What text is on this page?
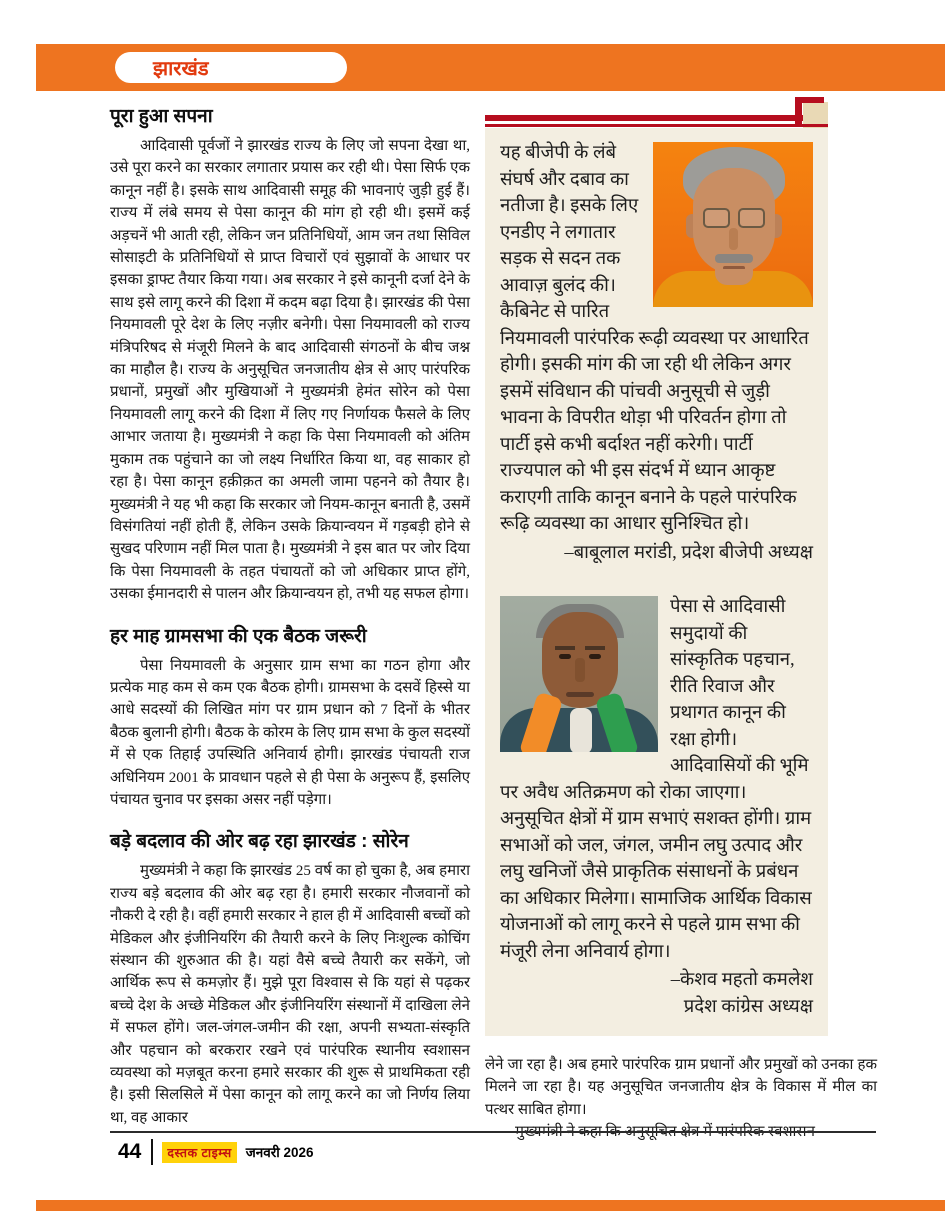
झारखंड
पूरा हुआ सपना

आदिवासी पूर्वजों ने झारखंड राज्य के लिए जो सपना देखा था, उसे पूरा करने का सरकार लगातार प्रयास कर रही थी। पेसा सिर्फ एक कानून नहीं है। इसके साथ आदिवासी समूह की भावनाएं जुड़ी हुई हैं। राज्य में लंबे समय से पेसा कानून की मांग हो रही थी। इसमें कई अड़चनें भी आती रही, लेकिन जन प्रतिनिधियों, आम जन तथा सिविल सोसाइटी के प्रतिनिधियों से प्राप्त विचारों एवं सुझावों के आधार पर इसका ड्राफ्ट तैयार किया गया। अब सरकार ने इसे कानूनी दर्जा देने के साथ इसे लागू करने की दिशा में कदम बढ़ा दिया है। झारखंड की पेसा नियमावली पूरे देश के लिए नज़ीर बनेगी। पेसा नियमावली को राज्य मंत्रिपरिषद से मंजूरी मिलने के बाद आदिवासी संगठनों के बीच जश्न का माहौल है। राज्य के अनुसूचित जनजातीय क्षेत्र से आए पारंपरिक प्रधानों, प्रमुखों और मुखियाओं ने मुख्यमंत्री हेमंत सोरेन को पेसा नियमावली लागू करने की दिशा में लिए गए निर्णायक फैसले के लिए आभार जताया है। मुख्यमंत्री ने कहा कि पेसा नियमावली को अंतिम मुकाम तक पहुंचाने का जो लक्ष्य निर्धारित किया था, वह साकार हो रहा है। पेसा कानून हक़ीक़त का अमली जामा पहनने को तैयार है। मुख्यमंत्री ने यह भी कहा कि सरकार जो नियम-कानून बनाती है, उसमें विसंगतियां नहीं होती हैं, लेकिन उसके क्रियान्वयन में गड़बड़ी होने से सुखद परिणाम नहीं मिल पाता है। मुख्यमंत्री ने इस बात पर जोर दिया कि पेसा नियमावली के तहत पंचायतों को जो अधिकार प्राप्त होंगे, उसका ईमानदारी से पालन और क्रियान्वयन हो, तभी यह सफल होगा।

हर माह ग्रामसभा की एक बैठक जरूरी

पेसा नियमावली के अनुसार ग्राम सभा का गठन होगा और प्रत्येक माह कम से कम एक बैठक होगी। ग्रामसभा के दसवें हिस्से या आधे सदस्यों की लिखित मांग पर ग्राम प्रधान को 7 दिनों के भीतर बैठक बुलानी होगी। बैठक के कोरम के लिए ग्राम सभा के कुल सदस्यों में से एक तिहाई उपस्थिति अनिवार्य होगी। झारखंड पंचायती राज अधिनियम 2001 के प्रावधान पहले से ही पेसा के अनुरूप हैं, इसलिए पंचायत चुनाव पर इसका असर नहीं पड़ेगा।

बड़े बदलाव की ओर बढ़ रहा झारखंड : सोरेन

मुख्यमंत्री ने कहा कि झारखंड 25 वर्ष का हो चुका है, अब हमारा राज्य बड़े बदलाव की ओर बढ़ रहा है। हमारी सरकार नौजवानों को नौकरी दे रही है। वहीं हमारी सरकार ने हाल ही में आदिवासी बच्चों को मेडिकल और इंजीनियरिंग की तैयारी करने के लिए निःशुल्क कोचिंग संस्थान की शुरुआत की है। यहां वैसे बच्चे तैयारी कर सकेंगे, जो आर्थिक रूप से कमज़ोर हैं। मुझे पूरा विश्वास से कि यहां से पढ़कर बच्चे देश के अच्छे मेडिकल और इंजीनियरिंग संस्थानों में दाखिला लेने में सफल होंगे। जल-जंगल-जमीन की रक्षा, अपनी सभ्यता-संस्कृति और पहचान को बरकरार रखने एवं पारंपरिक स्थानीय स्वशासन व्यवस्था को मज़बूत करना हमारे सरकार की शुरू से प्राथमिकता रही है। इसी सिलसिले में पेसा कानून को लागू करने का जो निर्णय लिया था, वह आकार

यह बीजेपी के लंबे संघर्ष और दबाव का नतीजा है। इसके लिए एनडीए ने लगातार सड़क से सदन तक आवाज़ बुलंद की। कैबिनेट से पारित नियमावली पारंपरिक रूढ़ी व्यवस्था पर आधारित होगी। इसकी मांग की जा रही थी लेकिन अगर इसमें संविधान की पांचवी अनुसूची से जुड़ी भावना के विपरीत थोड़ा भी परिवर्तन होगा तो पार्टी इसे कभी बर्दाश्त नहीं करेगी। पार्टी राज्यपाल को भी इस संदर्भ में ध्यान आकृष्ट कराएगी ताकि कानून बनाने के पहले पारंपरिक रूढ़ि व्यवस्था का आधार सुनिश्चित हो।
–बाबूलाल मरांडी, प्रदेश बीजेपी अध्यक्ष
पेसा से आदिवासी समुदायों की सांस्कृतिक पहचान, रीति रिवाज और प्रथागत कानून की रक्षा होगी। आदिवासियों की भूमि पर अवैध अतिक्रमण को रोका जाएगा। अनुसूचित क्षेत्रों में ग्राम सभाएं सशक्त होंगी। ग्राम सभाओं को जल, जंगल, जमीन लघु उत्पाद और लघु खनिजों जैसे प्राकृतिक संसाधनों के प्रबंधन का अधिकार मिलेगा। सामाजिक आर्थिक विकास योजनाओं को लागू करने से पहले ग्राम सभा की मंजूरी लेना अनिवार्य होगा।
–केशव महतो कमलेश
प्रदेश कांग्रेस अध्यक्ष

लेने जा रहा है। अब हमारे पारंपरिक ग्राम प्रधानों और प्रमुखों को उनका हक मिलने जा रहा है। यह अनुसूचित जनजातीय क्षेत्र के विकास में मील का पत्थर साबित होगा।

44	दस्तक टाइम्स	जनवरी 2026
